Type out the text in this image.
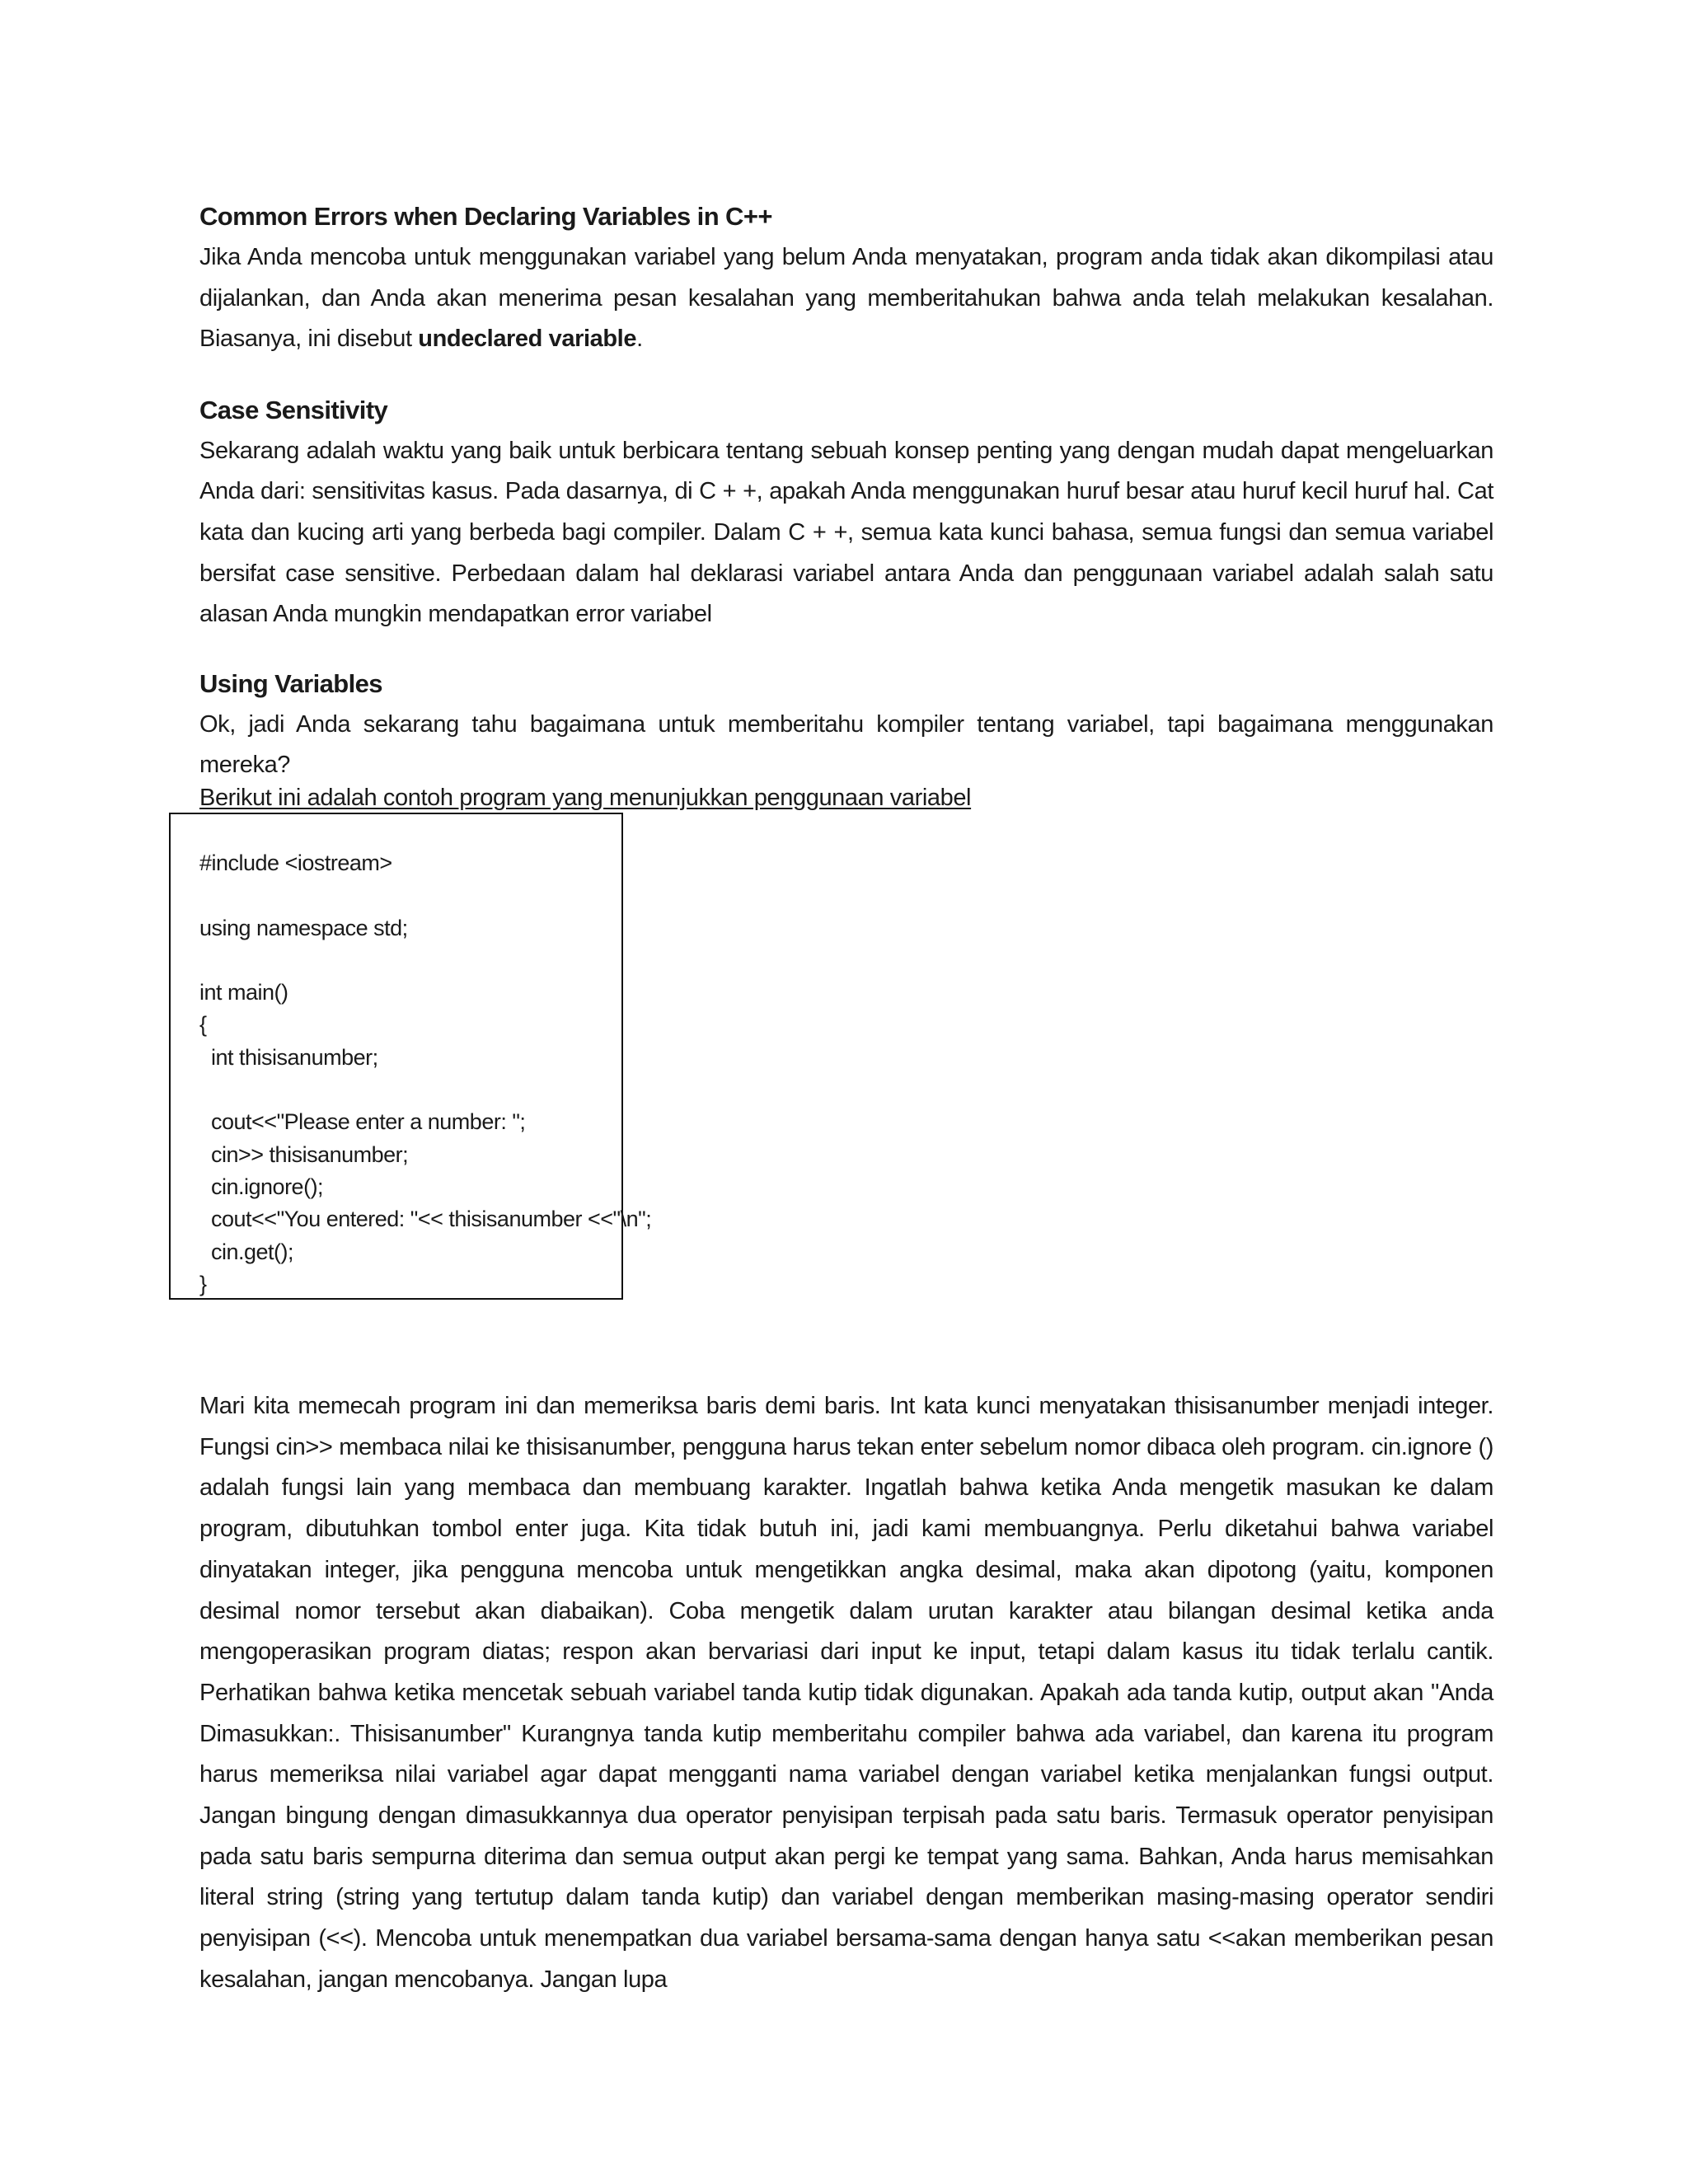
Common Errors when Declaring Variables in C++

Jika Anda mencoba untuk menggunakan variabel yang belum Anda menyatakan, program anda tidak akan dikompilasi atau dijalankan, dan Anda akan menerima pesan kesalahan yang memberitahukan bahwa anda telah melakukan kesalahan. Biasanya, ini disebut undeclared variable.

Case Sensitivity

Sekarang adalah waktu yang baik untuk berbicara tentang sebuah konsep penting yang dengan mudah dapat mengeluarkan Anda dari: sensitivitas kasus. Pada dasarnya, di C + +, apakah Anda menggunakan huruf besar atau huruf kecil huruf hal. Cat kata dan kucing arti yang berbeda bagi compiler. Dalam C + +, semua kata kunci bahasa, semua fungsi dan semua variabel bersifat case sensitive. Perbedaan dalam hal deklarasi variabel antara Anda dan penggunaan variabel adalah salah satu alasan Anda mungkin mendapatkan error variabel

Using Variables

Ok, jadi Anda sekarang tahu bagaimana untuk memberitahu kompiler tentang variabel, tapi bagaimana menggunakan mereka?

Berikut ini adalah contoh program yang menunjukkan penggunaan variabel
#include <iostream>

using namespace std;

int main()
{
int thisisanumber;

cout<<"Please enter a number: ";
cin>> thisisanumber;
cin.ignore();
cout<<"You entered: "<< thisisanumber <<"\n";
cin.get();
}

Mari kita memecah program ini dan memeriksa baris demi baris. Int kata kunci menyatakan thisisanumber menjadi integer. Fungsi cin>> membaca nilai ke thisisanumber, pengguna harus tekan enter sebelum nomor dibaca oleh program. cin.ignore () adalah fungsi lain yang membaca dan membuang karakter. Ingatlah bahwa ketika Anda mengetik masukan ke dalam program, dibutuhkan tombol enter juga. Kita tidak butuh ini, jadi kami membuangnya. Perlu diketahui bahwa variabel dinyatakan integer, jika pengguna mencoba untuk mengetikkan angka desimal, maka akan dipotong (yaitu, komponen desimal nomor tersebut akan diabaikan). Coba mengetik dalam urutan karakter atau bilangan desimal ketika anda mengoperasikan program diatas; respon akan bervariasi dari input ke input, tetapi dalam kasus itu tidak terlalu cantik. Perhatikan bahwa ketika mencetak sebuah variabel tanda kutip tidak digunakan. Apakah ada tanda kutip, output akan "Anda Dimasukkan:. Thisisanumber" Kurangnya tanda kutip memberitahu compiler bahwa ada variabel, dan karena itu program harus memeriksa nilai variabel agar dapat mengganti nama variabel dengan variabel ketika menjalankan fungsi output. Jangan bingung dengan dimasukkannya dua operator penyisipan terpisah pada satu baris. Termasuk operator penyisipan pada satu baris sempurna diterima dan semua output akan pergi ke tempat yang sama. Bahkan, Anda harus memisahkan literal string (string yang tertutup dalam tanda kutip) dan variabel dengan memberikan masing-masing operator sendiri penyisipan (<<). Mencoba untuk menempatkan dua variabel bersama-sama dengan hanya satu <<akan memberikan pesan kesalahan, jangan mencobanya. Jangan lupa
